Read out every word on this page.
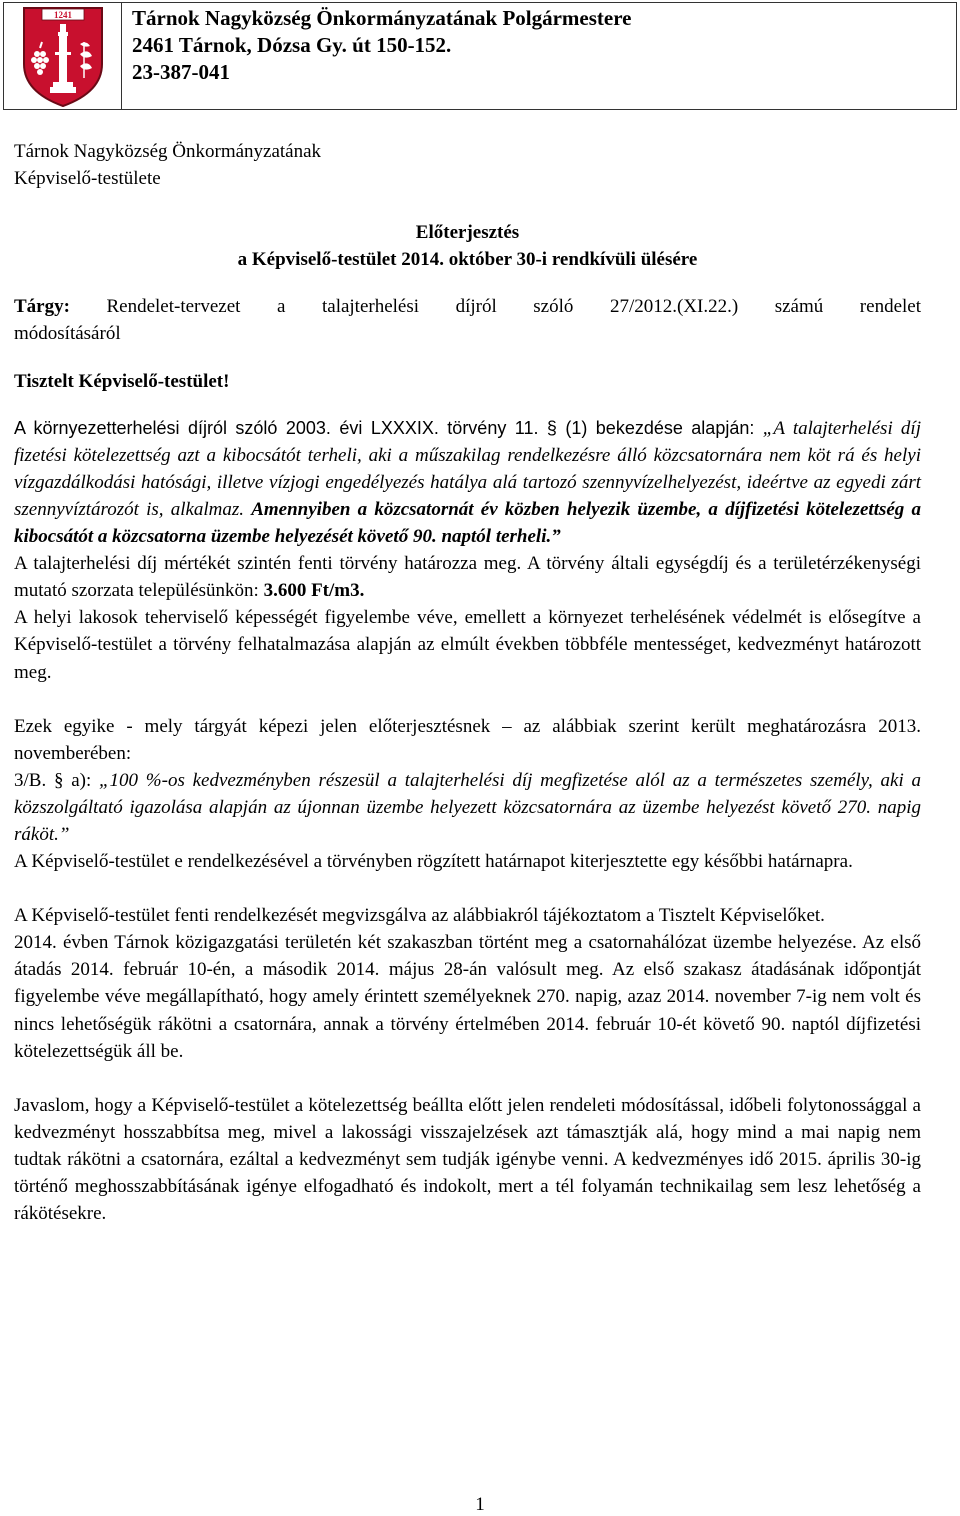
1241	Tárnok Nagyközség Önkormányzatának Polgármestere
2461 Tárnok, Dózsa Gy. út 150-152.
23-387-041
Tárnok Nagyközség Önkormányzatának
Képviselő-testülete
Előterjesztés
a Képviselő-testület 2014. október 30-i rendkívüli ülésére
Tárgy: Rendelet-tervezet a talajterhelési díjról szóló 27/2012.(XI.22.) számú rendelet
módosításáról
Tisztelt Képviselő-testület!
A környezetterhelési díjról szóló 2003. évi LXXXIX. törvény 11. § (1) bekezdése alapján: „A talajterhelési díj fizetési kötelezettség azt a kibocsátót terheli, aki a műszakilag rendelkezésre álló közcsatornára nem köt rá és helyi vízgazdálkodási hatósági, illetve vízjogi engedélyezés hatálya alá tartozó szennyvízelhelyezést, ideértve az egyedi zárt szennyvíztározót is, alkalmaz. Amennyiben a közcsatornát év közben helyezik üzembe, a díjfizetési kötelezettség a kibocsátót a közcsatorna üzembe helyezését követő 90. naptól terheli.”
A talajterhelési díj mértékét szintén fenti törvény határozza meg. A törvény általi egységdíj és a területérzékenységi mutató szorzata településünkön: 3.600 Ft/m3.
A helyi lakosok teherviselő képességét figyelembe véve, emellett a környezet terhelésének védelmét is elősegítve a Képviselő-testület a törvény felhatalmazása alapján az elmúlt években többféle mentességet, kedvezményt határozott meg.
Ezek egyike - mely tárgyát képezi jelen előterjesztésnek – az alábbiak szerint került meghatározásra 2013. novemberében:
3/B. § a): „100 %-os kedvezményben részesül a talajterhelési díj megfizetése alól az a természetes személy, aki a közszolgáltató igazolása alapján az újonnan üzembe helyezett közcsatornára az üzembe helyezést követő 270. napig ráköt.”
A Képviselő-testület e rendelkezésével a törvényben rögzített határnapot kiterjesztette egy későbbi határnapra.
A Képviselő-testület fenti rendelkezését megvizsgálva az alábbiakról tájékoztatom a Tisztelt Képviselőket.
2014. évben Tárnok közigazgatási területén két szakaszban történt meg a csatornahálózat üzembe helyezése. Az első átadás 2014. február 10-én, a második 2014. május 28-án valósult meg. Az első szakasz átadásának időpontját figyelembe véve megállapítható, hogy amely érintett személyeknek 270. napig, azaz 2014. november 7-ig nem volt és nincs lehetőségük rákötni a csatornára, annak a törvény értelmében 2014. február 10-ét követő 90. naptól díjfizetési kötelezettségük áll be.
Javaslom, hogy a Képviselő-testület a kötelezettség beállta előtt jelen rendeleti módosítással, időbeli folytonossággal a kedvezményt hosszabbítsa meg, mivel a lakossági visszajelzések azt támasztják alá, hogy mind a mai napig nem tudtak rákötni a csatornára, ezáltal a kedvezményt sem tudják igénybe venni. A kedvezményes idő 2015. április 30-ig történő meghosszabbításának igénye elfogadható és indokolt, mert a tél folyamán technikailag sem lesz lehetőség a rákötésekre.
1
